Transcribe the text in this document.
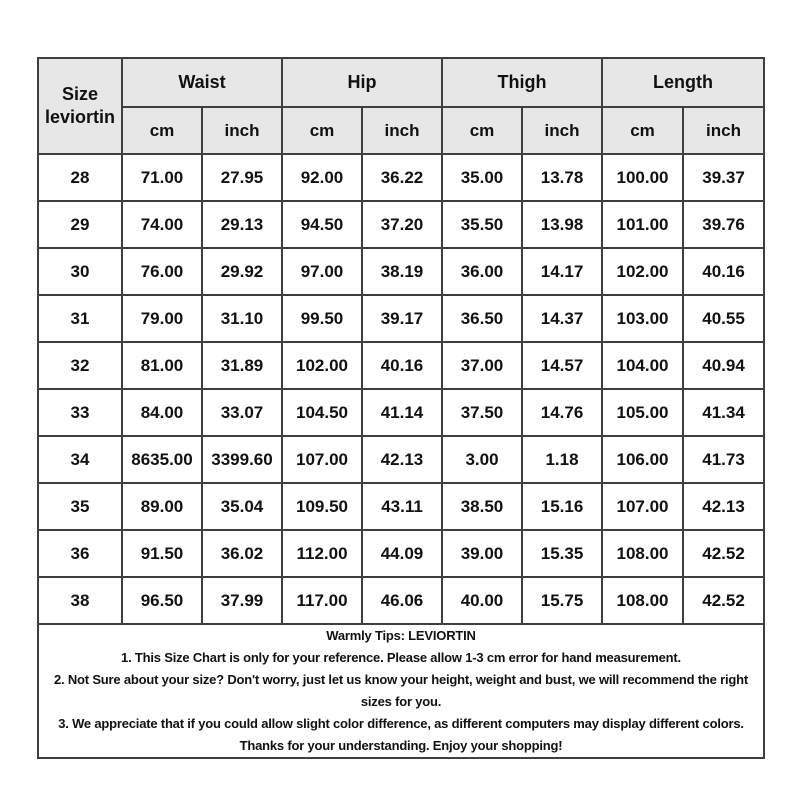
Size
leviortin	Waist		Hip		Thigh		Length	
	cm	inch	cm	inch	cm	inch	cm	inch
28	71.00	27.95	92.00	36.22	35.00	13.78	100.00	39.37
29	74.00	29.13	94.50	37.20	35.50	13.98	101.00	39.76
30	76.00	29.92	97.00	38.19	36.00	14.17	102.00	40.16
31	79.00	31.10	99.50	39.17	36.50	14.37	103.00	40.55
32	81.00	31.89	102.00	40.16	37.00	14.57	104.00	40.94
33	84.00	33.07	104.50	41.14	37.50	14.76	105.00	41.34
34	8635.00	3399.60	107.00	42.13	3.00	1.18	106.00	41.73
35	89.00	35.04	109.50	43.11	38.50	15.16	107.00	42.13
36	91.50	36.02	112.00	44.09	39.00	15.35	108.00	42.52
38	96.50	37.99	117.00	46.06	40.00	15.75	108.00	42.52

Warmly Tips: LEVIORTIN

1. This Size Chart is only for your reference. Please allow 1-3 cm error for hand measurement.

2. Not Sure about your size? Don't worry, just let us know your height, weight and bust, we will recommend the right sizes for you.

3. We appreciate that if you could allow slight color difference, as different computers may display different colors. Thanks for your understanding. Enjoy your shopping!								
